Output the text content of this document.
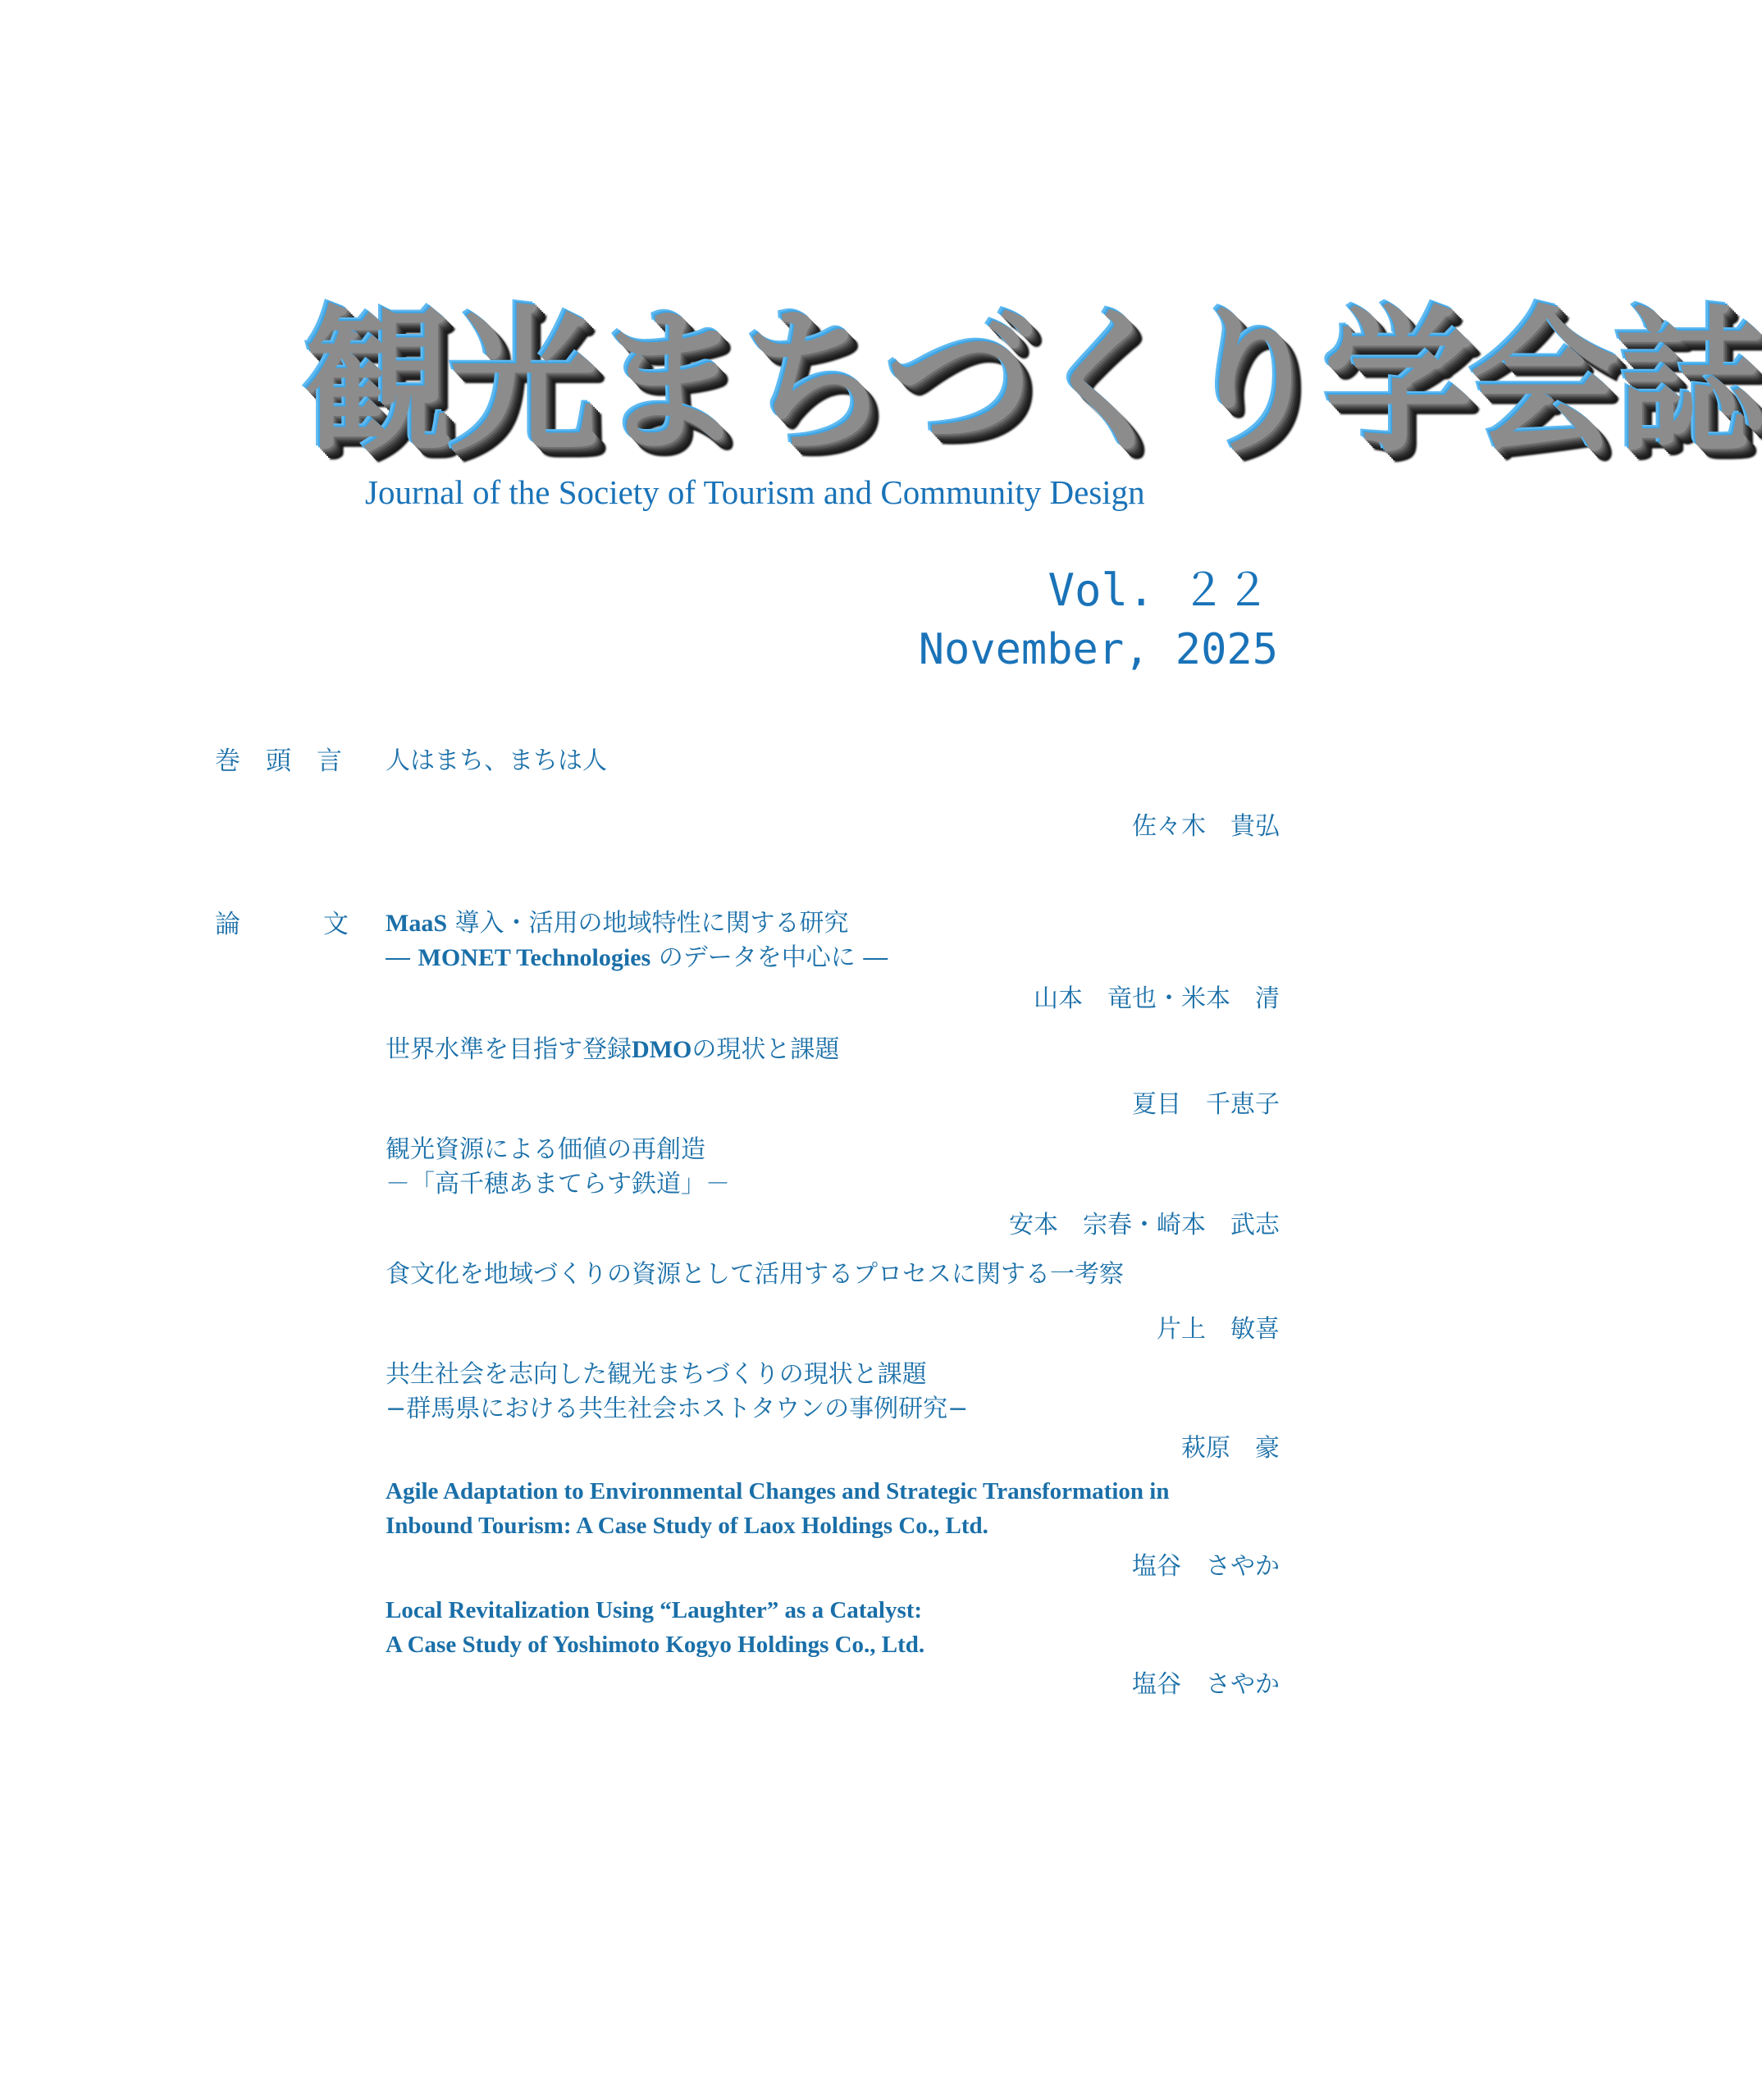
観光まちづくり学会誌
Journal of the Society of Tourism and Community Design
Vol. ２２
November, 2025
巻　頭　言 人はまち、まちは人
佐々木　貴弘
論	文 MaaS 導入・活用の地域特性に関する研究
― MONET Technologies のデータを中心に ―
山本　竜也・米本　清
世界水準を目指す登録DMOの現状と課題
夏目　千恵子
観光資源による価値の再創造
－「高千穂あまてらす鉄道」－
安本　宗春・崎本　武志
食文化を地域づくりの資源として活用するプロセスに関する一考察
片上　敏喜
共生社会を志向した観光まちづくりの現状と課題
−群馬県における共生社会ホストタウンの事例研究−
萩原　豪
Agile Adaptation to Environmental Changes and Strategic Transformation in
Inbound Tourism: A Case Study of Laox Holdings Co., Ltd.
塩谷　さやか
Local Revitalization Using “Laughter” as a Catalyst:
A Case Study of Yoshimoto Kogyo Holdings Co., Ltd.
塩谷　さやか
